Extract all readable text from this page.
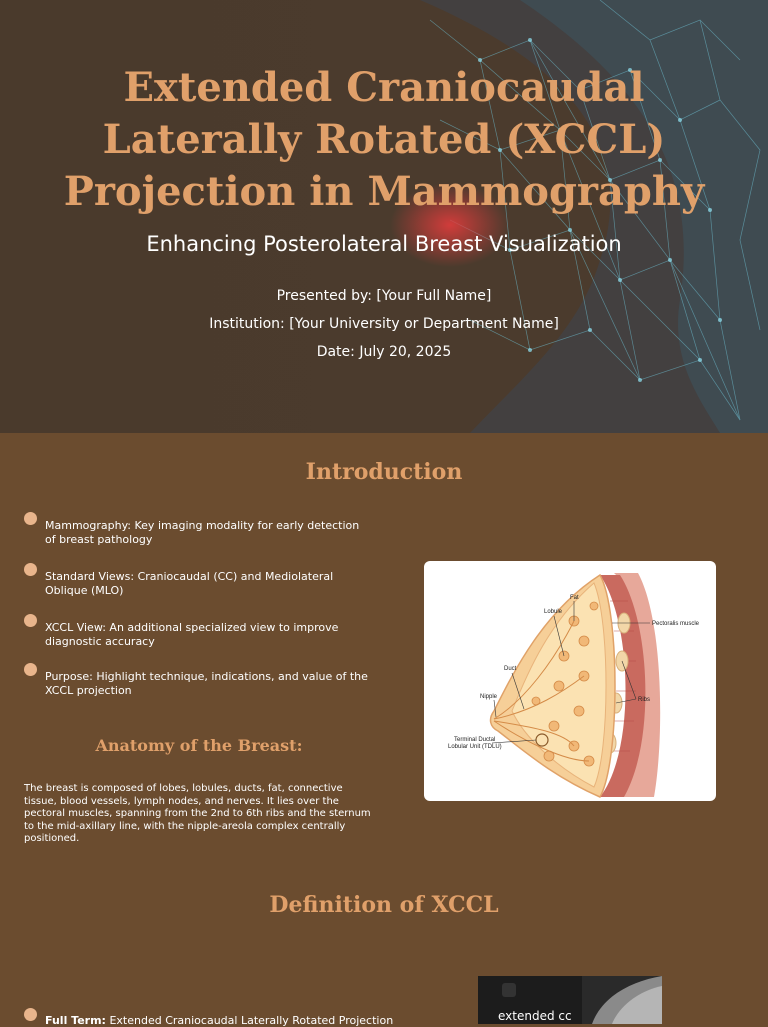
Extended Craniocaudal Laterally Rotated (XCCL) Projection in Mammography
Enhancing Posterolateral Breast Visualization
Presented by: [Your Full Name]
Institution: [Your University or Department Name]
Date: July 20, 2025
Introduction
Mammography: Key imaging modality for early detection of breast pathology
Standard Views: Craniocaudal (CC) and Mediolateral Oblique (MLO)
XCCL View: An additional specialized view to improve diagnostic accuracy
Purpose: Highlight technique, indications, and value of the XCCL projection
Anatomy of the Breast:

The breast is composed of lobes, lobules, ducts, fat, connective tissue, blood vessels, lymph nodes, and nerves. It lies over the pectoral muscles, spanning from the 2nd to 6th ribs and the sternum to the mid-axillary line, with the nipple-areola complex centrally positioned.

Fat
Lobule
Pectoralis muscle
Duct
Nipple	Ribs
Terminal Ductal
Lobular Unit (TDLU)
Definition of XCCL
Full Term: Extended Craniocaudal Laterally Rotated Projection	extended cc
